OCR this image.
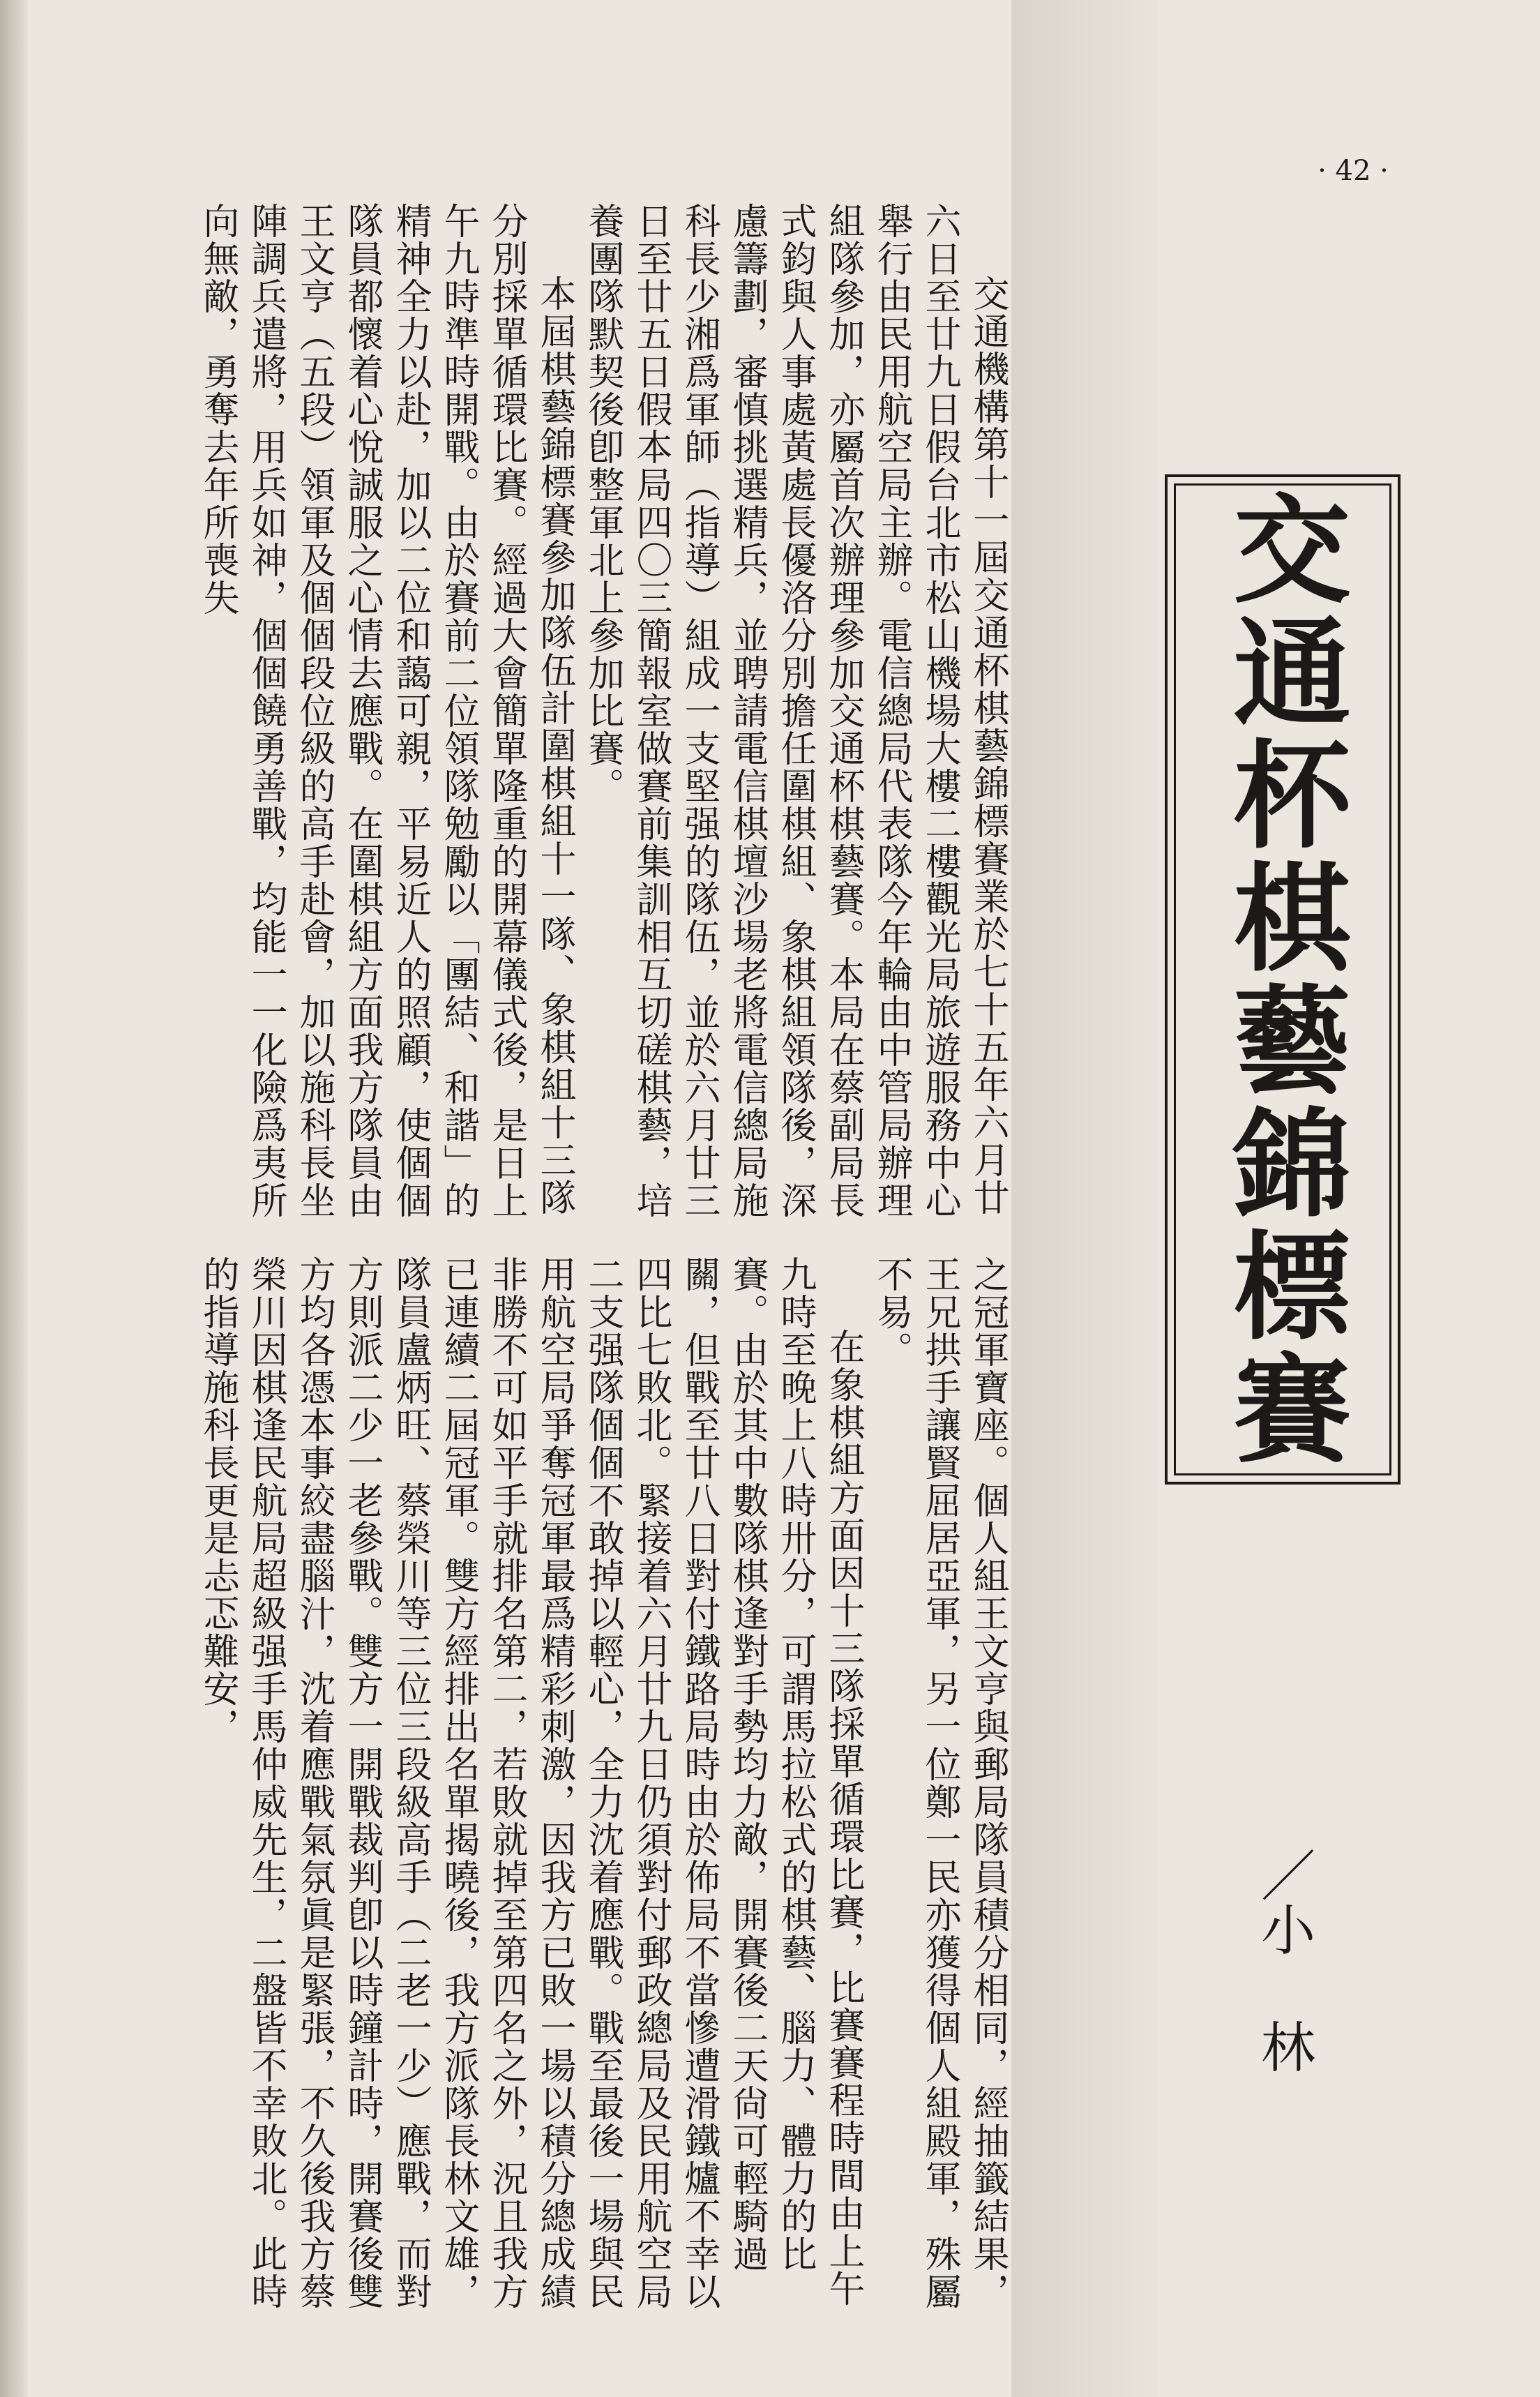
· 42 ·

交通機構第十一屆交通杯棋藝錦標賽業於七十五年六月廿六日至廿九日假台北市松山機場大樓二樓觀光局旅遊服務中心舉行由民用航空局主辦。電信總局代表隊今年輪由中管局辦理組隊參加，亦屬首次辦理參加交通杯棋藝賽。本局在蔡副局長式鈞與人事處黃處長優洛分別擔任圍棋組、象棋組領隊後，深慮籌劃，審慎挑選精兵，並聘請電信棋壇沙場老將電信總局施科長少湘爲軍師（指導）組成一支堅强的隊伍，並於六月廿三日至廿五日假本局四〇三簡報室做賽前集訓相互切磋棋藝，培養團隊默契後卽整軍北上參加比賽。

本屆棋藝錦標賽參加隊伍計圍棋組十一隊、象棋組十三隊分別採單循環比賽。經過大會簡單隆重的開幕儀式後，是日上午九時準時開戰。由於賽前二位領隊勉勵以「團結、和諧」的精神全力以赴，加以二位和藹可親，平易近人的照顧，使個個隊員都懷着心悅誠服之心情去應戰。在圍棋組方面我方隊員由王文亨（五段）領軍及個個段位級的高手赴會，加以施科長坐陣調兵遣將，用兵如神，個個饒勇善戰，均能一一化險爲夷所向無敵，勇奪去年所喪失

之冠軍寶座。個人組王文亨與郵局隊員積分相同，經抽籤結果，王兄拱手讓賢屈居亞軍，另一位鄭一民亦獲得個人組殿軍，殊屬不易。

在象棋組方面因十三隊採單循環比賽，比賽賽程時間由上午九時至晚上八時卅分，可謂馬拉松式的棋藝、腦力、體力的比賽。由於其中數隊棋逢對手勢均力敵，開賽後二天尙可輕騎過關，但戰至廿八日對付鐵路局時由於佈局不當慘遭滑鐵爐不幸以四比七敗北。緊接着六月廿九日仍須對付郵政總局及民用航空局二支强隊個個不敢掉以輕心，全力沈着應戰。戰至最後一場與民用航空局爭奪冠軍最爲精彩刺激，因我方已敗一場以積分總成績非勝不可如平手就排名第二，若敗就掉至第四名之外，況且我方已連續二屆冠軍。雙方經排出名單揭曉後，我方派隊長林文雄，隊員盧炳旺、蔡榮川等三位三段級高手（二老一少）應戰，而對方則派二少一老參戰。雙方一開戰裁判卽以時鐘計時，開賽後雙方均各憑本事絞盡腦汁，沈着應戰氣氛眞是緊張，不久後我方蔡榮川因棋逢民航局超級强手馬仲威先生，二盤皆不幸敗北。此時的指導施科長更是忐忑難安，

交通杯棋藝錦標賽
／小 林
